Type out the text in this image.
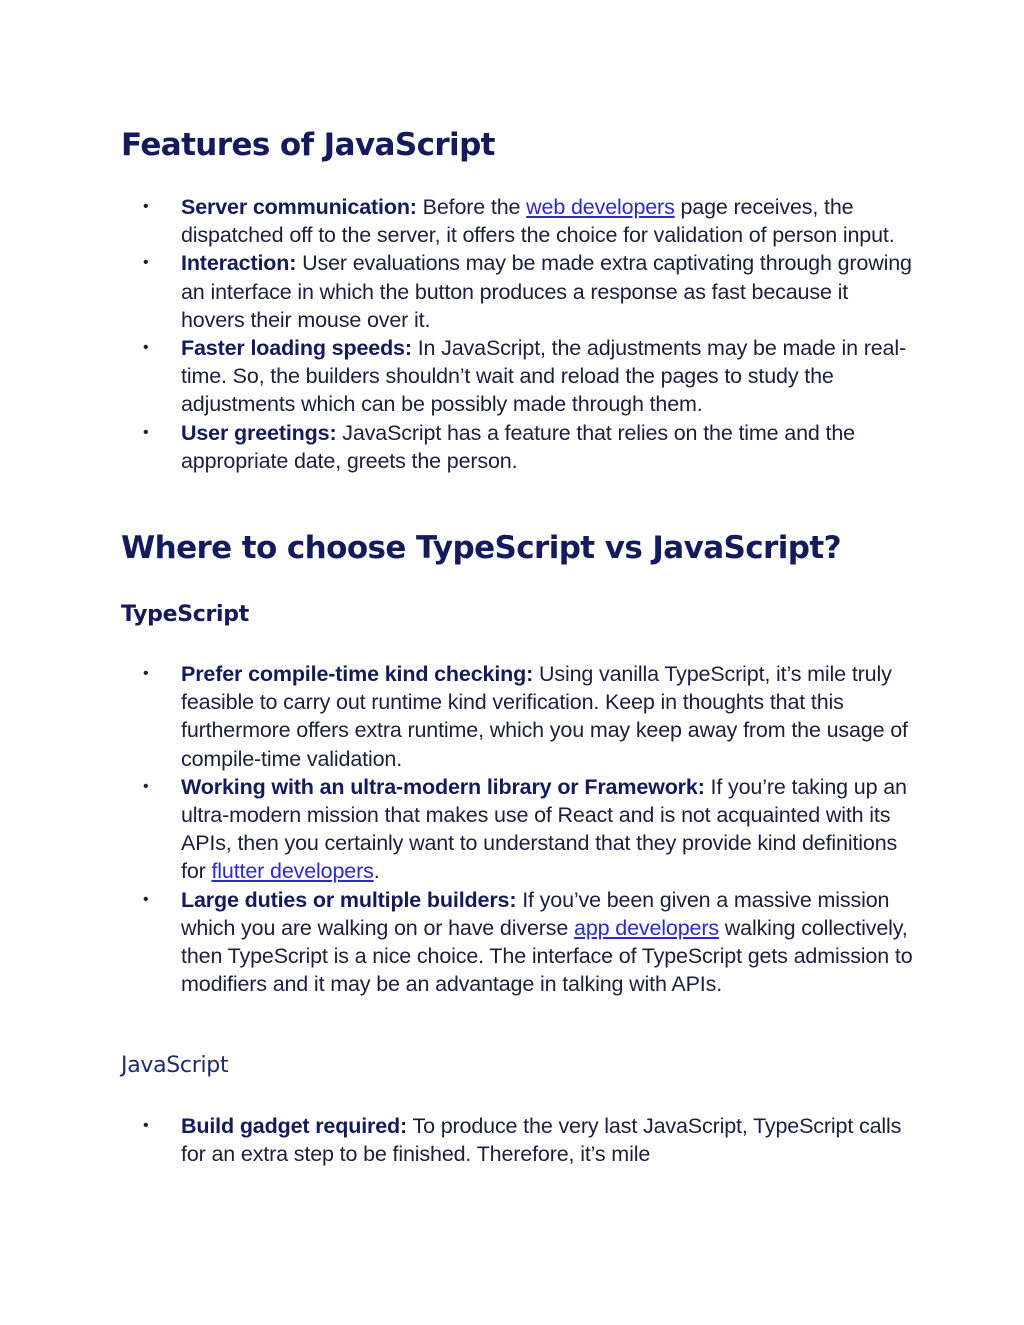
Features of JavaScript
• Server communication: Before the web developers page receives, the dispatched off to the server, it offers the choice for validation of person input.
• Interaction: User evaluations may be made extra captivating through growing an interface in which the button produces a response as fast because it hovers their mouse over it.
• Faster loading speeds: In JavaScript, the adjustments may be made in real-time. So, the builders shouldn’t wait and reload the pages to study the adjustments which can be possibly made through them.
• User greetings: JavaScript has a feature that relies on the time and the appropriate date, greets the person.
Where to choose TypeScript vs JavaScript?
TypeScript
• Prefer compile-time kind checking: Using vanilla TypeScript, it’s mile truly feasible to carry out runtime kind verification. Keep in thoughts that this furthermore offers extra runtime, which you may keep away from the usage of compile-time validation.
• Working with an ultra-modern library or Framework: If you’re taking up an ultra-modern mission that makes use of React and is not acquainted with its APIs, then you certainly want to understand that they provide kind definitions for flutter developers.
• Large duties or multiple builders: If you’ve been given a massive mission which you are walking on or have diverse app developers walking collectively, then TypeScript is a nice choice. The interface of TypeScript gets admission to modifiers and it may be an advantage in talking with APIs.
JavaScript
• Build gadget required: To produce the very last JavaScript, TypeScript calls for an extra step to be finished. Therefore, it’s mile
